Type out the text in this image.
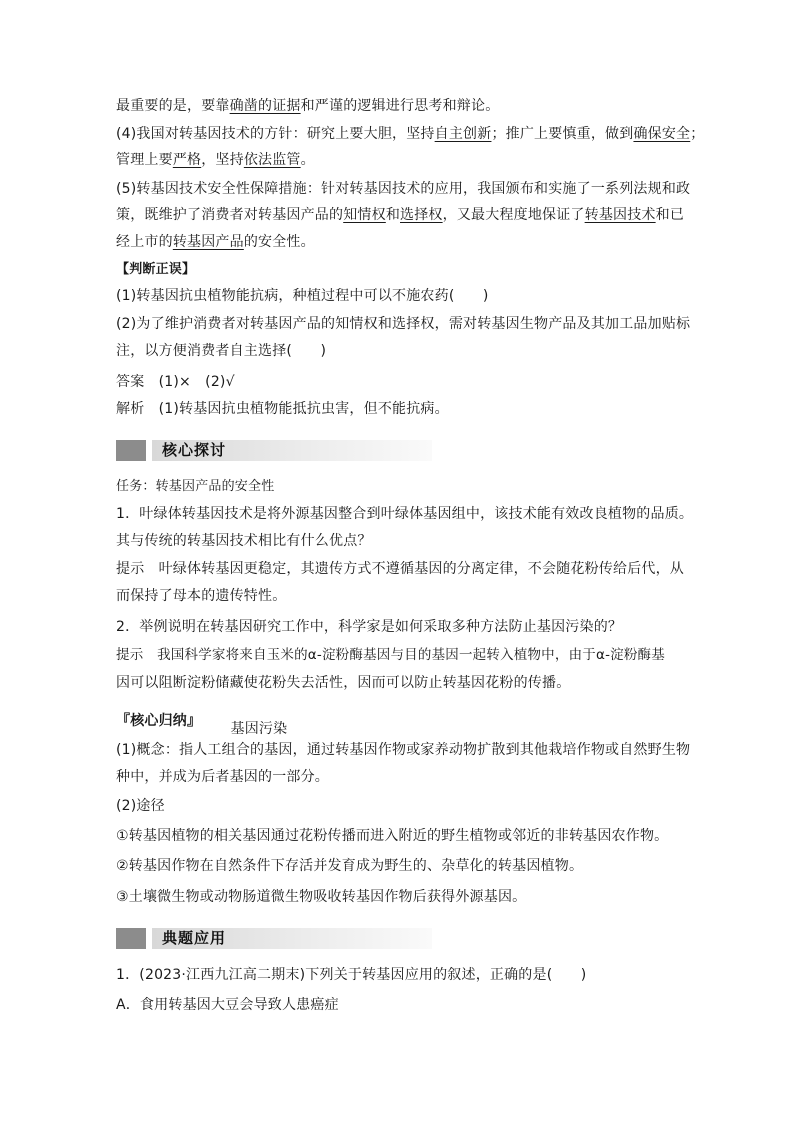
最重要的是，要靠确凿的证据和严谨的逻辑进行思考和辩论。
(4)我国对转基因技术的方针：研究上要大胆，坚持自主创新；推广上要慎重，做到确保安全；
管理上要严格，坚持依法监管。
(5)转基因技术安全性保障措施：针对转基因技术的应用，我国颁布和实施了一系列法规和政
策，既维护了消费者对转基因产品的知情权和选择权，又最大程度地保证了转基因技术和已
经上市的转基因产品的安全性。
【判断正误】
(1)转基因抗虫植物能抗病，种植过程中可以不施农药(　　)
(2)为了维护消费者对转基因产品的知情权和选择权，需对转基因生物产品及其加工品加贴标
注，以方便消费者自主选择(　　)
答案　(1)×　(2)√
解析　(1)转基因抗虫植物能抵抗虫害，但不能抗病。
核心探讨
任务：转基因产品的安全性
1．叶绿体转基因技术是将外源基因整合到叶绿体基因组中，该技术能有效改良植物的品质。
其与传统的转基因技术相比有什么优点？
提示　叶绿体转基因更稳定，其遗传方式不遵循基因的分离定律，不会随花粉传给后代，从
而保持了母本的遗传特性。
2．举例说明在转基因研究工作中，科学家是如何采取多种方法防止基因污染的？
提示　我国科学家将来自玉米的α-淀粉酶基因与目的基因一起转入植物中，由于α-淀粉酶基
因可以阻断淀粉储藏使花粉失去活性，因而可以防止转基因花粉的传播。
『核心归纳』 基因污染
(1)概念：指人工组合的基因，通过转基因作物或家养动物扩散到其他栽培作物或自然野生物
种中，并成为后者基因的一部分。
(2)途径
①转基因植物的相关基因通过花粉传播而进入附近的野生植物或邻近的非转基因农作物。
②转基因作物在自然条件下存活并发育成为野生的、杂草化的转基因植物。
③土壤微生物或动物肠道微生物吸收转基因作物后获得外源基因。
典题应用
1．(2023·江西九江高二期末)下列关于转基因应用的叙述，正确的是(　　)
A．食用转基因大豆会导致人患癌症
